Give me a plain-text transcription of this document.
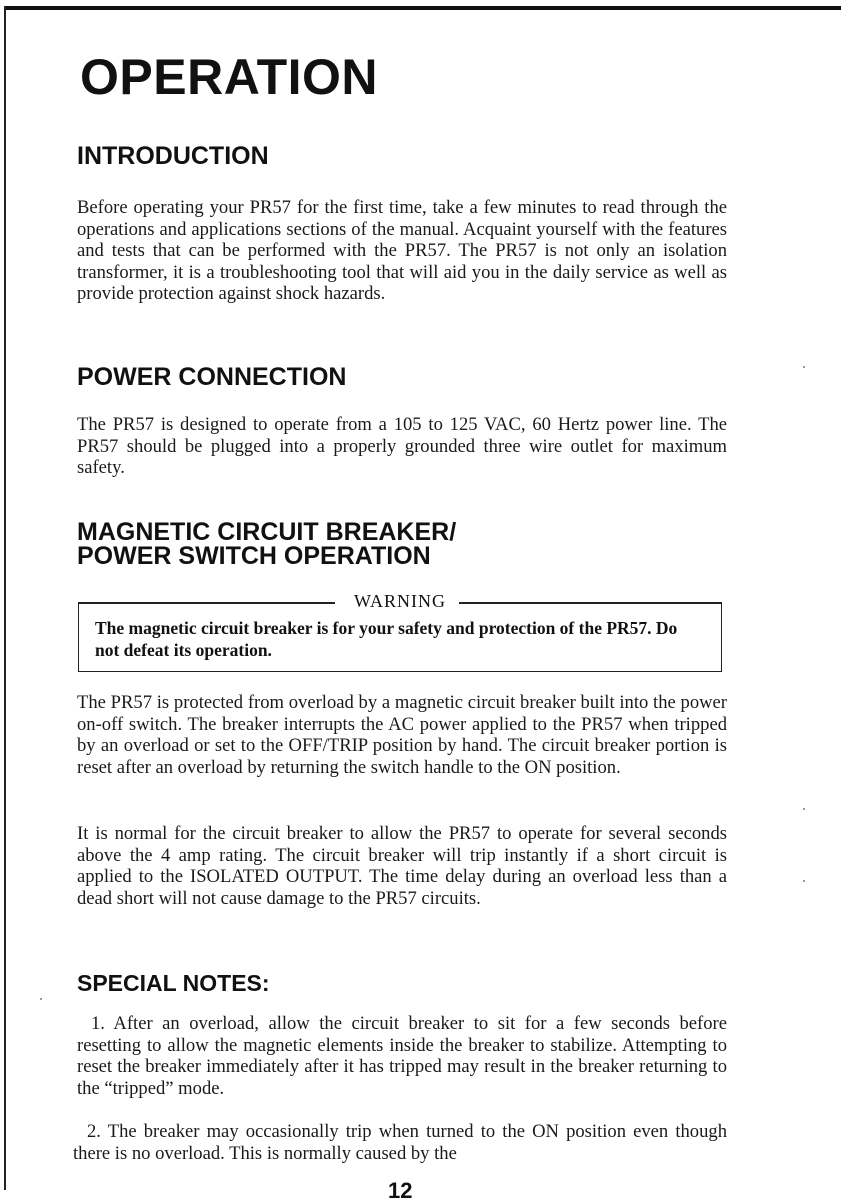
OPERATION
INTRODUCTION

Before operating your PR57 for the first time, take a few minutes to read through the operations and applications sections of the manual. Acquaint yourself with the features and tests that can be performed with the PR57. The PR57 is not only an isolation transformer, it is a troubleshooting tool that will aid you in the daily service as well as provide protection against shock hazards.

POWER CONNECTION

The PR57 is designed to operate from a 105 to 125 VAC, 60 Hertz power line. The PR57 should be plugged into a properly grounded three wire outlet for maximum safety.

MAGNETIC CIRCUIT BREAKER/
POWER SWITCH OPERATION
WARNING
The magnetic circuit breaker is for your safety and protection of the PR57. Do not defeat its operation.

The PR57 is protected from overload by a magnetic circuit breaker built into the power on-off switch. The breaker interrupts the AC power applied to the PR57 when tripped by an overload or set to the OFF/TRIP position by hand. The circuit breaker portion is reset after an overload by returning the switch handle to the ON position.

It is normal for the circuit breaker to allow the PR57 to operate for several seconds above the 4 amp rating. The circuit breaker will trip instantly if a short circuit is applied to the ISOLATED OUTPUT. The time delay during an overload less than a dead short will not cause damage to the PR57 circuits.

SPECIAL NOTES:

1. After an overload, allow the circuit breaker to sit for a few seconds before resetting to allow the magnetic elements inside the breaker to stabilize. Attempting to reset the breaker immediately after it has tripped may result in the breaker returning to the “tripped” mode.

2. The breaker may occasionally trip when turned to the ON position even though there is no overload. This is normally caused by the

12
